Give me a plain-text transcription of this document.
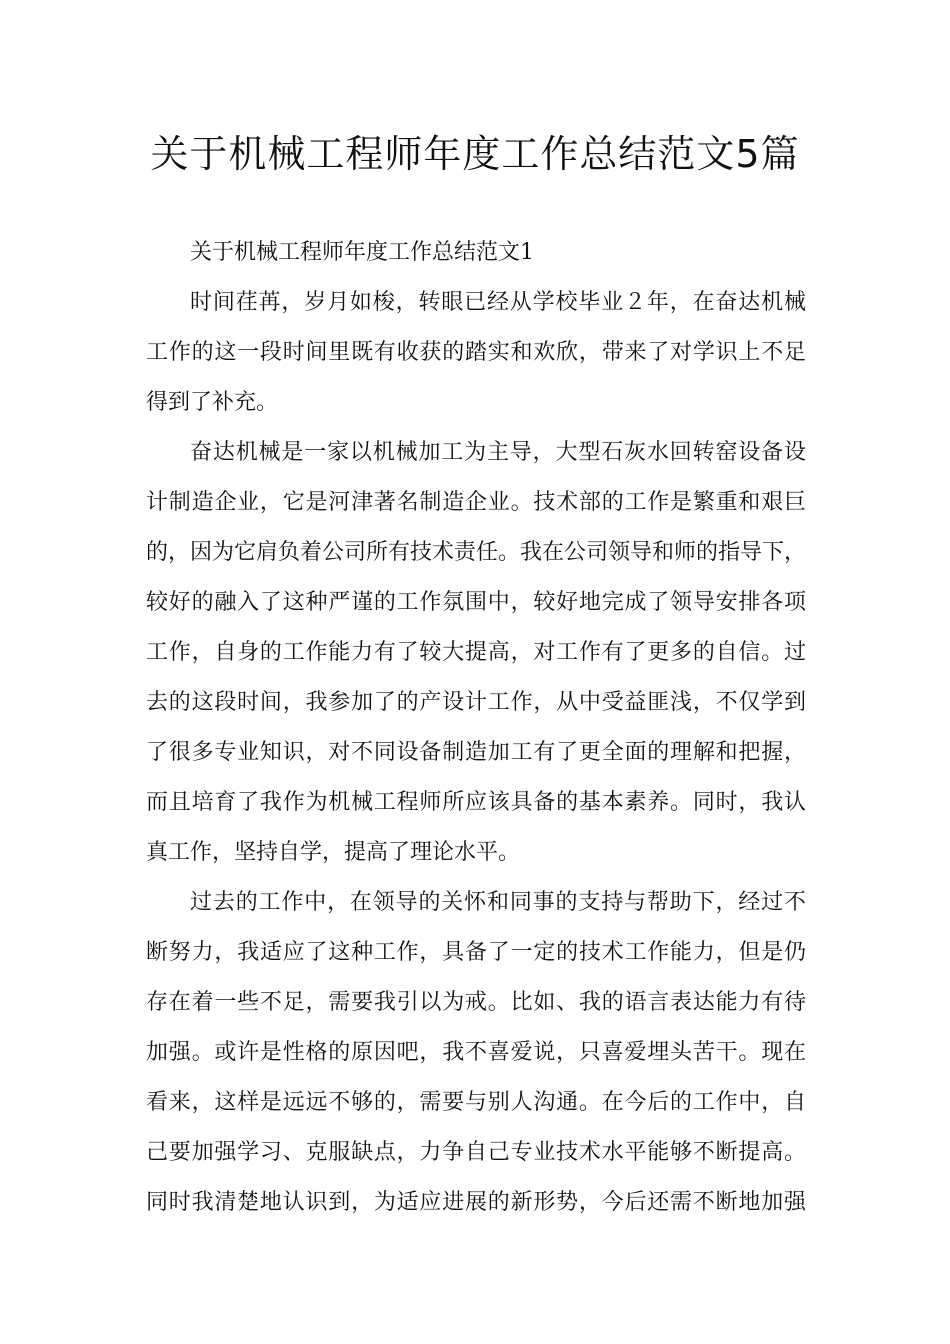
关于机械工程师年度工作总结范文5篇

关于机械工程师年度工作总结范文1

时间荏苒，岁月如梭，转眼已经从学校毕业２年，在奋达机械

工作的这一段时间里既有收获的踏实和欢欣，带来了对学识上不足

得到了补充。

奋达机械是一家以机械加工为主导，大型石灰水回转窑设备设

计制造企业，它是河津著名制造企业。技术部的工作是繁重和艰巨

的，因为它肩负着公司所有技术责任。我在公司领导和师的指导下，

较好的融入了这种严谨的工作氛围中，较好地完成了领导安排各项

工作，自身的工作能力有了较大提高，对工作有了更多的自信。过

去的这段时间，我参加了的产设计工作，从中受益匪浅，不仅学到

了很多专业知识，对不同设备制造加工有了更全面的理解和把握，

而且培育了我作为机械工程师所应该具备的基本素养。同时，我认

真工作，坚持自学，提高了理论水平。

过去的工作中，在领导的关怀和同事的支持与帮助下，经过不

断努力，我适应了这种工作，具备了一定的技术工作能力，但是仍

存在着一些不足，需要我引以为戒。比如、我的语言表达能力有待

加强。或许是性格的原因吧，我不喜爱说，只喜爱埋头苦干。现在

看来，这样是远远不够的，需要与别人沟通。在今后的工作中，自

己要加强学习、克服缺点，力争自己专业技术水平能够不断提高。

同时我清楚地认识到，为适应进展的新形势，今后还需不断地加强
